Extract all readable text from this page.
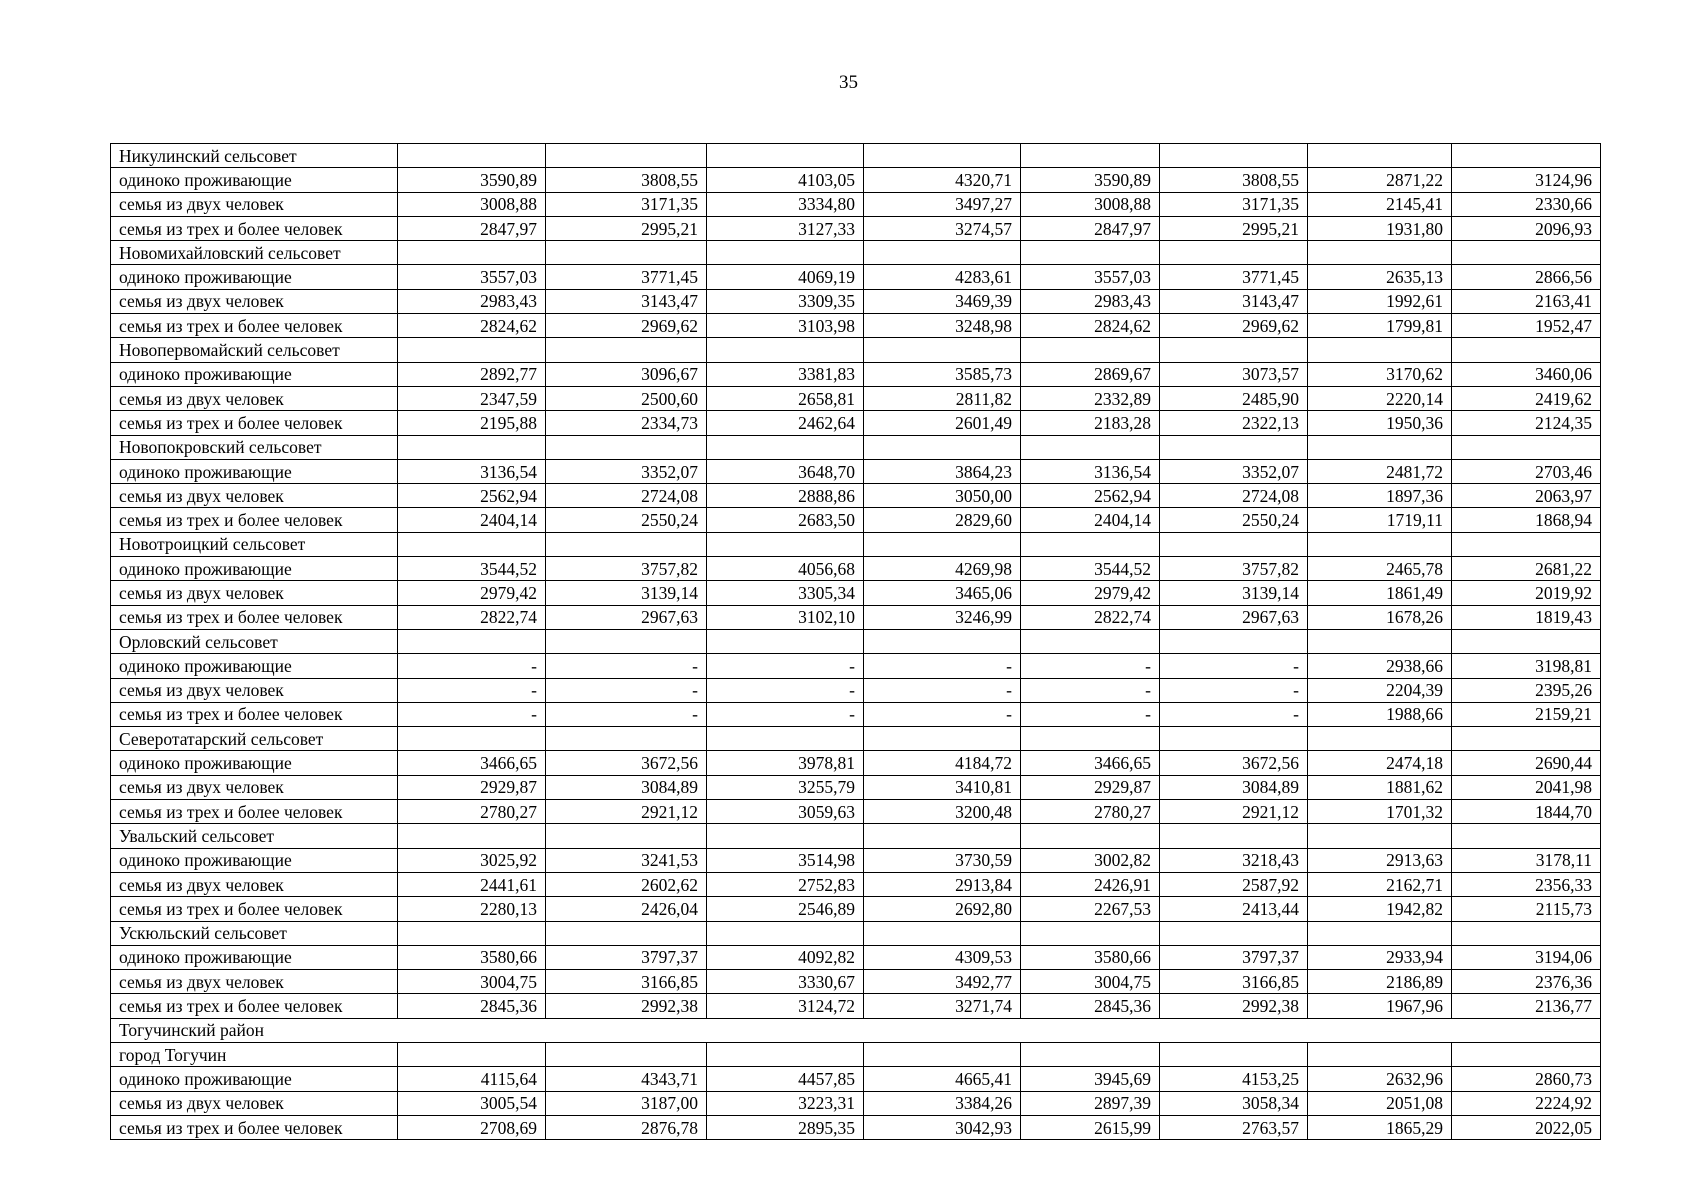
35
Никулинский сельсовет								
одиноко проживающие	3590,89	3808,55	4103,05	4320,71	3590,89	3808,55	2871,22	3124,96
семья из двух человек	3008,88	3171,35	3334,80	3497,27	3008,88	3171,35	2145,41	2330,66
семья из трех и более человек	2847,97	2995,21	3127,33	3274,57	2847,97	2995,21	1931,80	2096,93
Новомихайловский сельсовет								
одиноко проживающие	3557,03	3771,45	4069,19	4283,61	3557,03	3771,45	2635,13	2866,56
семья из двух человек	2983,43	3143,47	3309,35	3469,39	2983,43	3143,47	1992,61	2163,41
семья из трех и более человек	2824,62	2969,62	3103,98	3248,98	2824,62	2969,62	1799,81	1952,47
Новопервомайский сельсовет								
одиноко проживающие	2892,77	3096,67	3381,83	3585,73	2869,67	3073,57	3170,62	3460,06
семья из двух человек	2347,59	2500,60	2658,81	2811,82	2332,89	2485,90	2220,14	2419,62
семья из трех и более человек	2195,88	2334,73	2462,64	2601,49	2183,28	2322,13	1950,36	2124,35
Новопокровский сельсовет								
одиноко проживающие	3136,54	3352,07	3648,70	3864,23	3136,54	3352,07	2481,72	2703,46
семья из двух человек	2562,94	2724,08	2888,86	3050,00	2562,94	2724,08	1897,36	2063,97
семья из трех и более человек	2404,14	2550,24	2683,50	2829,60	2404,14	2550,24	1719,11	1868,94
Новотроицкий сельсовет								
одиноко проживающие	3544,52	3757,82	4056,68	4269,98	3544,52	3757,82	2465,78	2681,22
семья из двух человек	2979,42	3139,14	3305,34	3465,06	2979,42	3139,14	1861,49	2019,92
семья из трех и более человек	2822,74	2967,63	3102,10	3246,99	2822,74	2967,63	1678,26	1819,43
Орловский сельсовет								
одиноко проживающие	-	-	-	-	-	-	2938,66	3198,81
семья из двух человек	-	-	-	-	-	-	2204,39	2395,26
семья из трех и более человек	-	-	-	-	-	-	1988,66	2159,21
Северотатарский сельсовет								
одиноко проживающие	3466,65	3672,56	3978,81	4184,72	3466,65	3672,56	2474,18	2690,44
семья из двух человек	2929,87	3084,89	3255,79	3410,81	2929,87	3084,89	1881,62	2041,98
семья из трех и более человек	2780,27	2921,12	3059,63	3200,48	2780,27	2921,12	1701,32	1844,70
Увальский сельсовет								
одиноко проживающие	3025,92	3241,53	3514,98	3730,59	3002,82	3218,43	2913,63	3178,11
семья из двух человек	2441,61	2602,62	2752,83	2913,84	2426,91	2587,92	2162,71	2356,33
семья из трех и более человек	2280,13	2426,04	2546,89	2692,80	2267,53	2413,44	1942,82	2115,73
Ускюльский сельсовет								
одиноко проживающие	3580,66	3797,37	4092,82	4309,53	3580,66	3797,37	2933,94	3194,06
семья из двух человек	3004,75	3166,85	3330,67	3492,77	3004,75	3166,85	2186,89	2376,36
семья из трех и более человек	2845,36	2992,38	3124,72	3271,74	2845,36	2992,38	1967,96	2136,77
Тогучинский район								
город Тогучин								
одиноко проживающие	4115,64	4343,71	4457,85	4665,41	3945,69	4153,25	2632,96	2860,73
семья из двух человек	3005,54	3187,00	3223,31	3384,26	2897,39	3058,34	2051,08	2224,92
семья из трех и более человек	2708,69	2876,78	2895,35	3042,93	2615,99	2763,57	1865,29	2022,05
